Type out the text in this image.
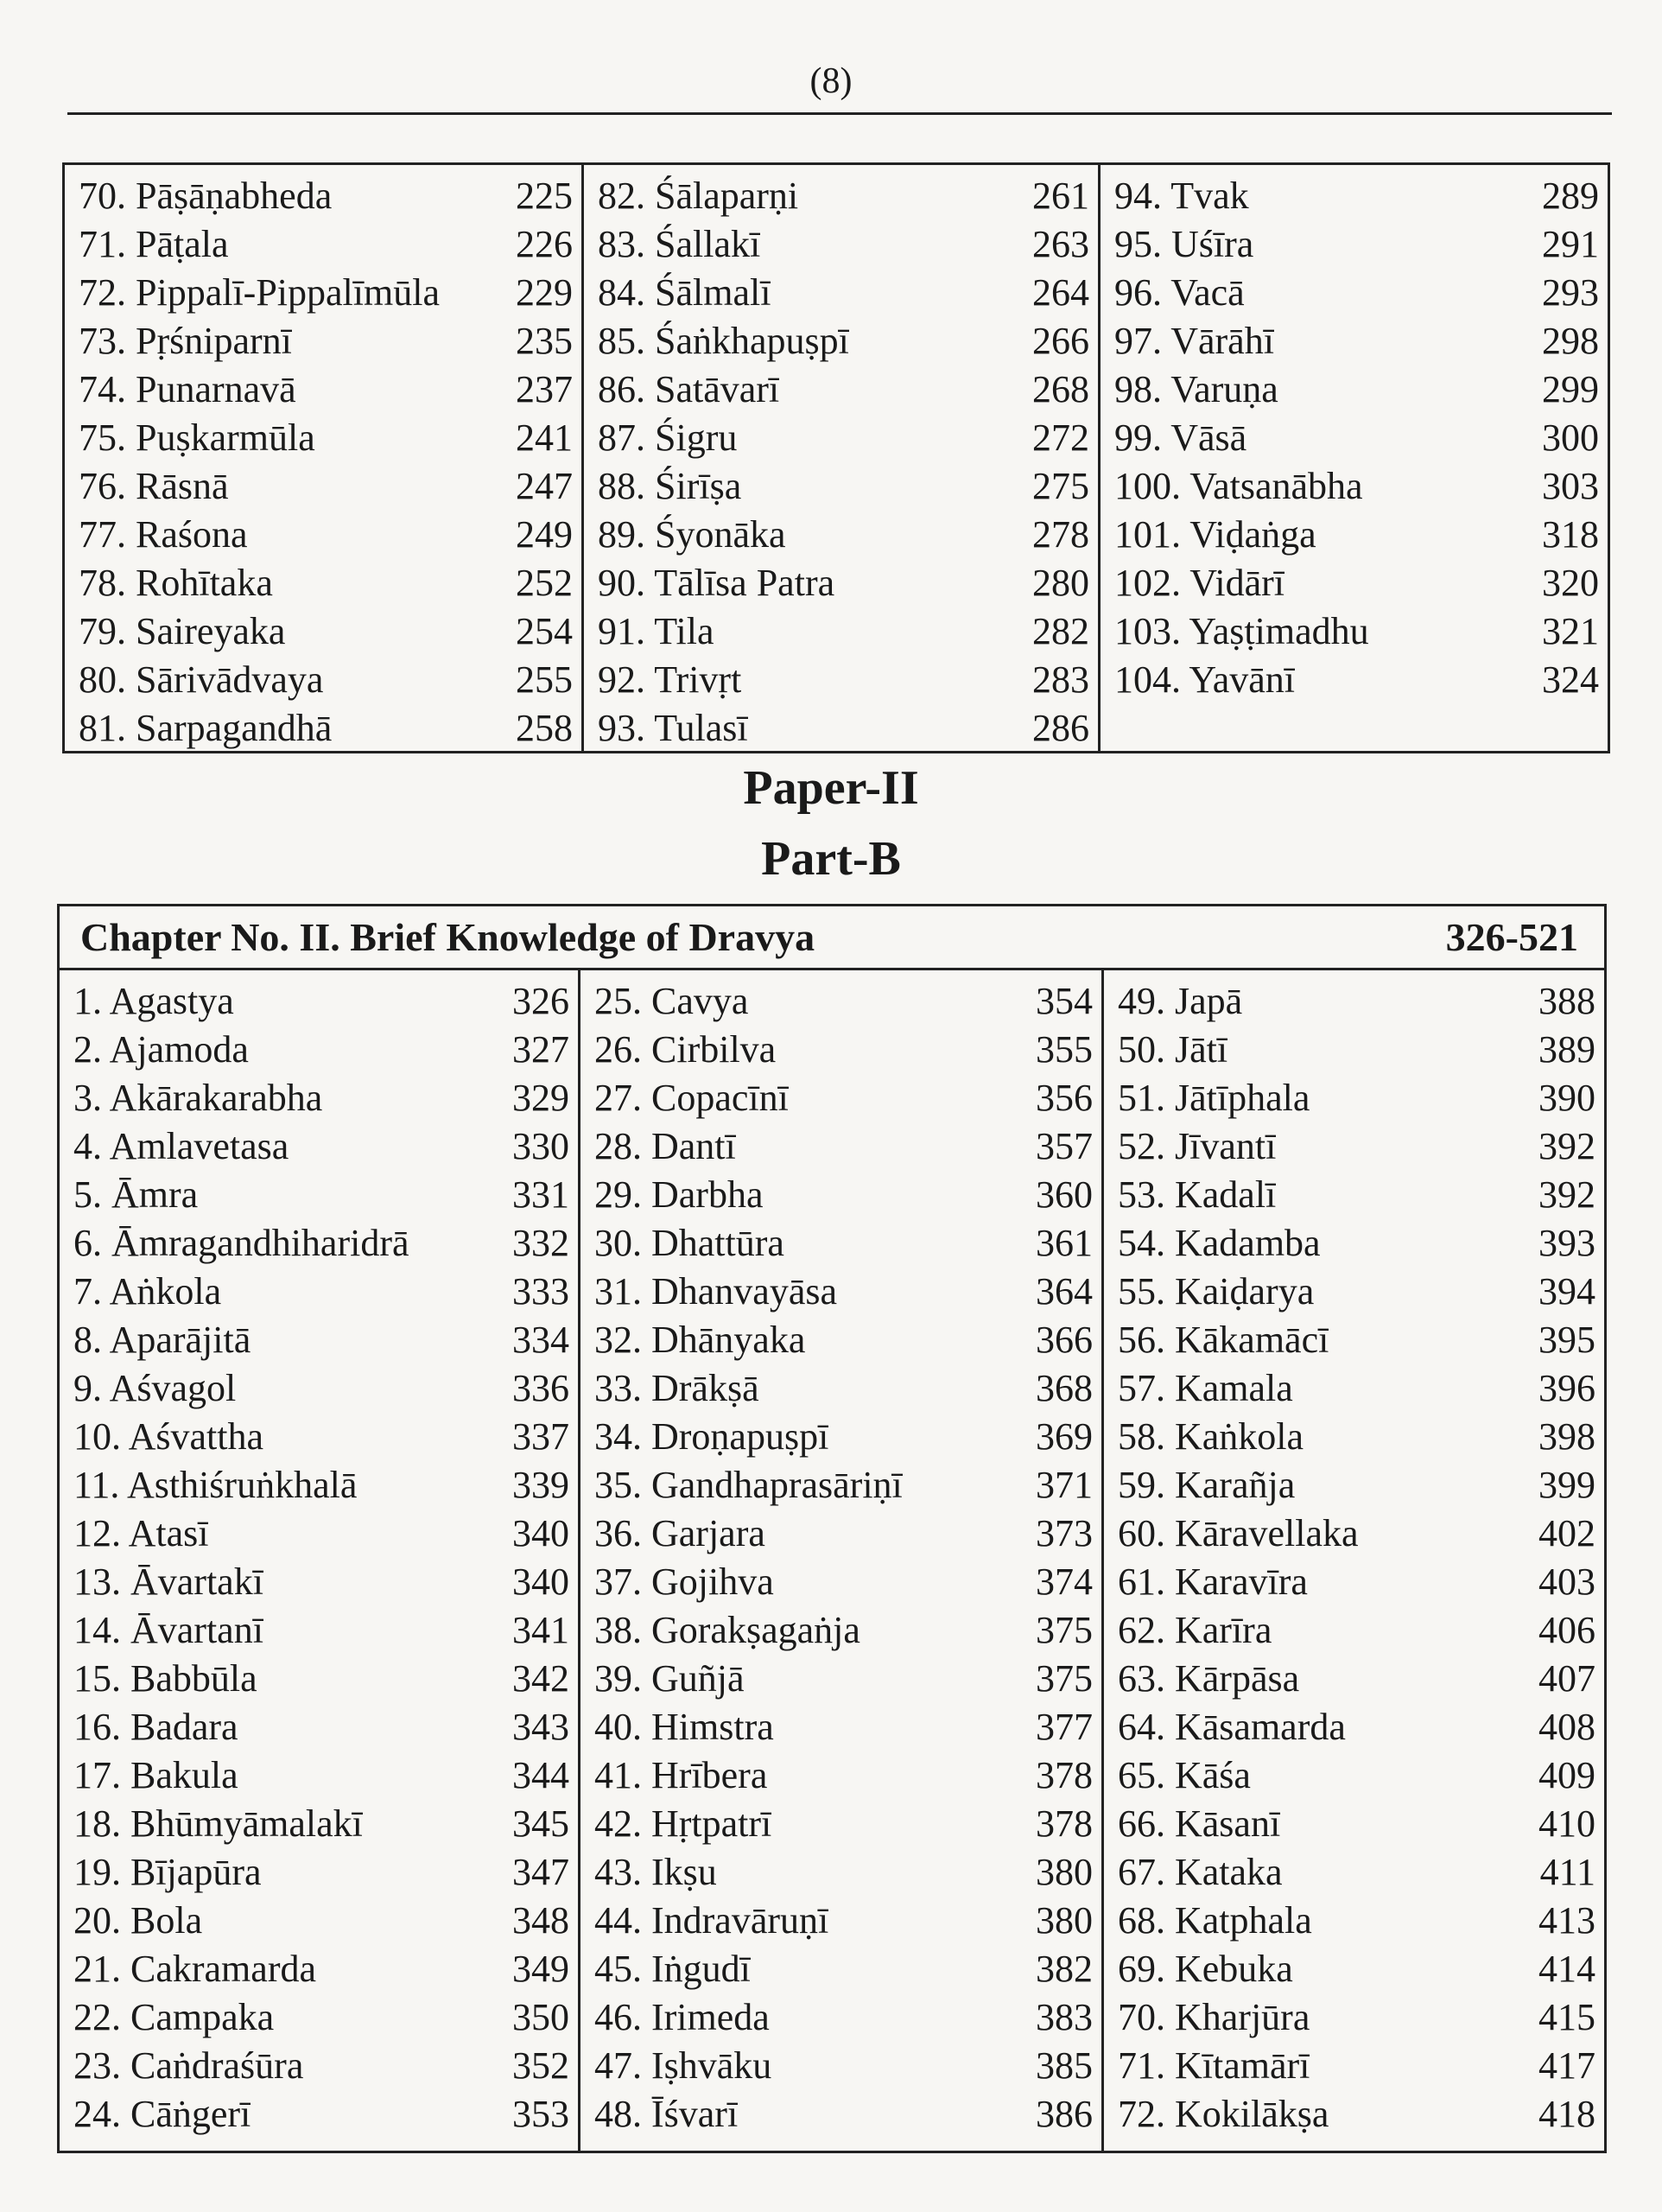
(8)
70. Pāṣāṇabheda	225
71. Pāṭala	226
72. Pippalī-Pippalīmūla 229
73. Pṛśniparnī	235
74. Punarnavā	237
75. Puṣkarmūla	241
76. Rāsnā	247
77. Raśona	249
78. Rohītaka	252
79. Saireyaka	254
80. Sārivādvaya	255
81. Sarpagandhā	258
82. Śālaparṇi	261
83. Śallakī	263
84. Śālmalī	264
85. Śaṅkhapuṣpī	266
86. Satāvarī	268
87. Śigru	272
88. Śirīṣa	275
89. Śyonāka	278
90. Tālīsa Patra	280
91. Tila	282
92. Trivṛt	283
93. Tulasī	286
94. Tvak	289
95. Uśīra	291
96. Vacā	293
97. Vārāhī	298
98. Varuṇa	299
99. Vāsā	300
100. Vatsanābha	303
101. Viḍaṅga	318
102. Vidārī	320
103. Yaṣṭimadhu	321
104. Yavānī	324
Paper-II
Part-B
Chapter No. II. Brief Knowledge of Dravya	326-521
1. Agastya	326
2. Ajamoda	327
3. Akārakarabha	329
4. Amlavetasa	330
5. Āmra	331
6. Āmragandhiharidrā	332
7. Aṅkola	333
8. Aparājitā	334
9. Aśvagol	336
10. Aśvattha	337
11. Asthiśruṅkhalā	339
12. Atasī	340
13. Āvartakī	340
14. Āvartanī	341
15. Babbūla	342
16. Badara	343
17. Bakula	344
18. Bhūmyāmalakī	345
19. Bījapūra	347
20. Bola	348
21. Cakramarda	349
22. Campaka	350
23. Caṅdraśūra	352
24. Cāṅgerī	353
25. Cavya	354
26. Cirbilva	355
27. Copacīnī	356
28. Dantī	357
29. Darbha	360
30. Dhattūra	361
31. Dhanvayāsa	364
32. Dhānyaka	366
33. Drākṣā	368
34. Droṇapuṣpī	369
35. Gandhaprasāriṇī	371
36. Garjara	373
37. Gojihva	374
38. Gorakṣagaṅja	375
39. Guñjā	375
40. Himstra	377
41. Hrībera	378
42. Hṛtpatrī	378
43. Ikṣu	380
44. Indravāruṇī	380
45. Iṅgudī	382
46. Irimeda	383
47. Iṣhvāku	385
48. Īśvarī	386
49. Japā	388
50. Jātī	389
51. Jātīphala	390
52. Jīvantī	392
53. Kadalī	392
54. Kadamba	393
55. Kaiḍarya	394
56. Kākamācī	395
57. Kamala	396
58. Kaṅkola	398
59. Karañja	399
60. Kāravellaka	402
61. Karavīra	403
62. Karīra	406
63. Kārpāsa	407
64. Kāsamarda	408
65. Kāśa	409
66. Kāsanī	410
67. Kataka	411
68. Katphala	413
69. Kebuka	414
70. Kharjūra	415
71. Kītamārī	417
72. Kokilākṣa	418
